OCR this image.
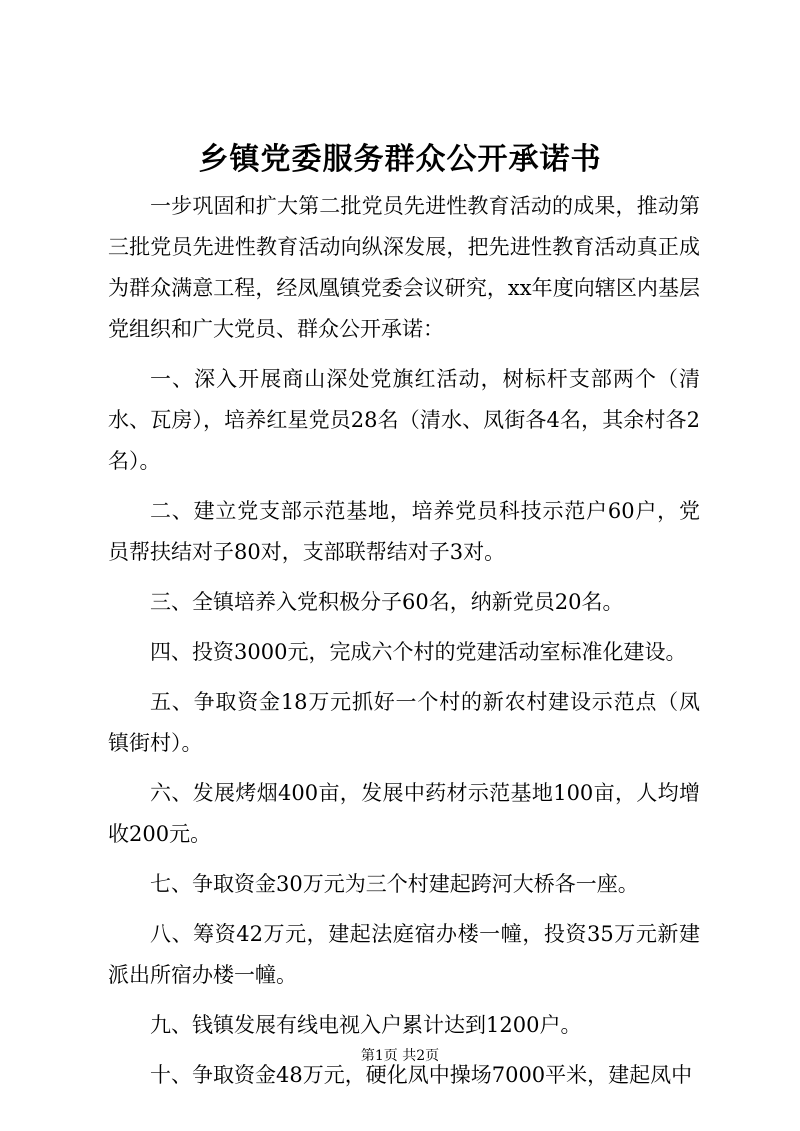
乡镇党委服务群众公开承诺书

一步巩固和扩大第二批党员先进性教育活动的成果，推动第三批党员先进性教育活动向纵深发展，把先进性教育活动真正成为群众满意工程，经凤凰镇党委会议研究，xx年度向辖区内基层党组织和广大党员、群众公开承诺：

一、深入开展商山深处党旗红活动，树标杆支部两个（清水、瓦房），培养红星党员28名（清水、凤街各4名，其余村各2名）。

二、建立党支部示范基地，培养党员科技示范户60户，党员帮扶结对子80对，支部联帮结对子3对。

三、全镇培养入党积极分子60名，纳新党员20名。

四、投资3000元，完成六个村的党建活动室标准化建设。

五、争取资金18万元抓好一个村的新农村建设示范点（凤镇街村）。

六、发展烤烟400亩，发展中药材示范基地100亩，人均增收200元。

七、争取资金30万元为三个村建起跨河大桥各一座。

八、筹资42万元，建起法庭宿办楼一幢，投资35万元新建派出所宿办楼一幢。

九、钱镇发展有线电视入户累计达到1200户。

十、争取资金48万元，硬化凤中操场7000平米，建起凤中

第1页 共2页
